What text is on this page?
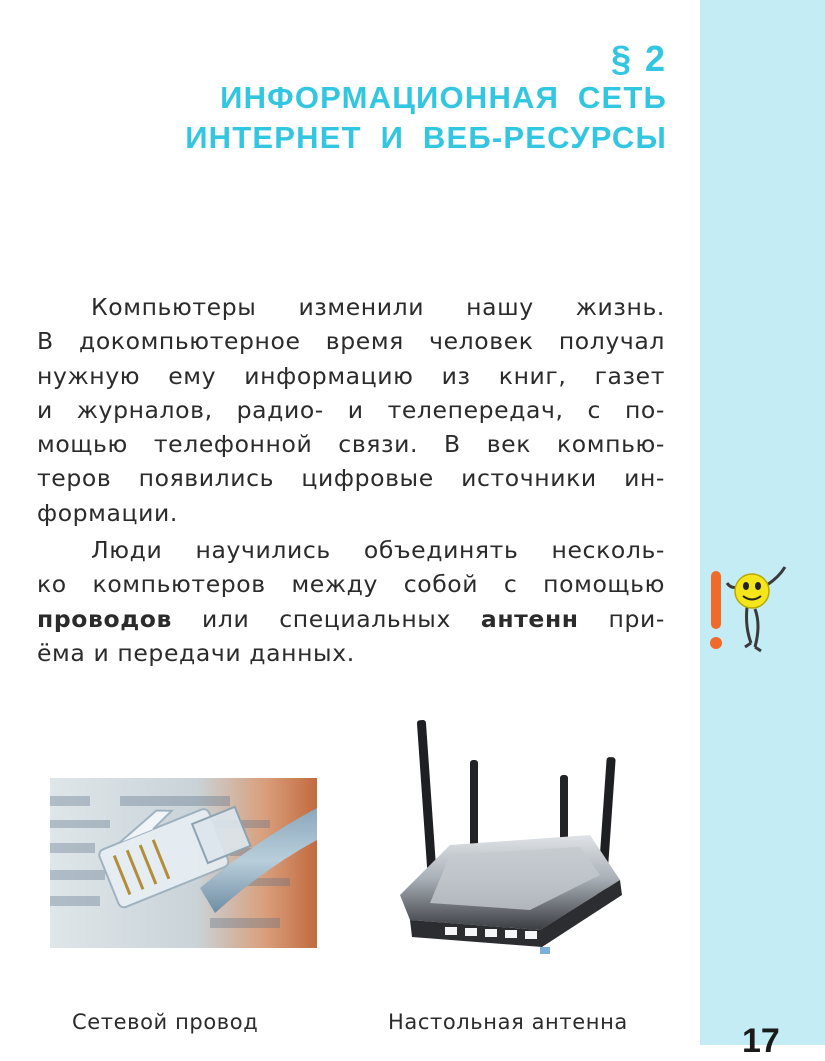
§ 2
ИНФОРМАЦИОННАЯ СЕТЬ
ИНТЕРНЕТ И ВЕБ-РЕСУРСЫ
Компьютеры изменили нашу жизнь.
В докомпьютерное время человек получал
нужную ему информацию из книг, газет
и журналов, радио- и телепередач, с по-
мощью телефонной связи. В век компью-
теров появились цифровые источники ин-
формации.
Люди научились объединять несколь-
ко компьютеров между собой с помощью
проводов или специальных антенн при-
ёма и передачи данных.
Сетевой провод	Настольная антенна	17
